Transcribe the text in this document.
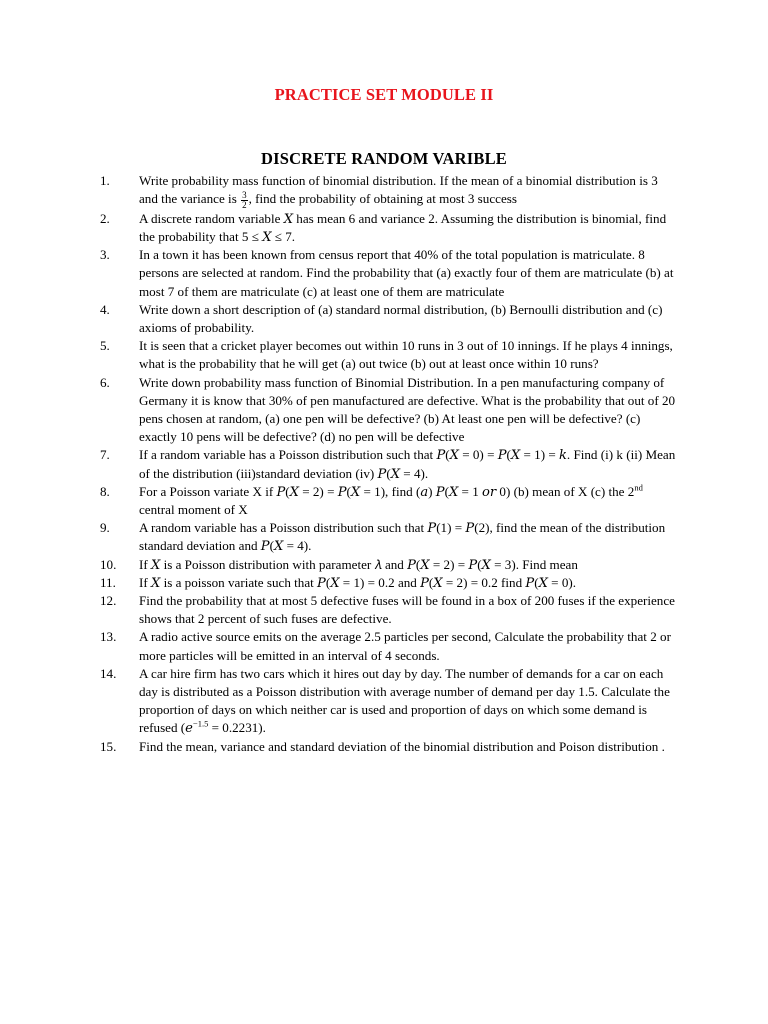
PRACTICE SET MODULE II
DISCRETE RANDOM VARIBLE
1.	Write probability mass function of binomial distribution. If the mean of a binomial distribution is 3 and the variance is $\frac{3}{2}$ , find the probability of obtaining at most 3 success
2.	A discrete random variable 𝑋 has mean 6 and variance 2. Assuming the distribution is binomial, find the probability that 5 ≤ 𝑋 ≤ 7.
3.	In a town it has been known from census report that 40% of the total population is matriculate. 8 persons are selected at random. Find the probability that (a) exactly four of them are matriculate (b) at most 7 of them are matriculate (c) at least one of them are matriculate
4.	Write down a short description of (a) standard normal distribution, (b) Bernoulli distribution and (c) axioms of probability.
5.	It is seen that a cricket player becomes out within 10 runs in 3 out of 10 innings. If he plays 4 innings, what is the probability that he will get (a) out twice (b) out at least once within 10 runs?
6.	Write down probability mass function of Binomial Distribution. In a pen manufacturing company of Germany it is know that 30% of pen manufactured are defective. What is the probability that out of 20 pens chosen at random, (a) one pen will be defective? (b) At least one pen will be defective? (c) exactly 10 pens will be defective? (d) no pen will be defective
7.	If a random variable has a Poisson distribution such that 𝑃(𝑋 = 0) = 𝑃(𝑋 = 1) = 𝑘. Find (i) k (ii) Mean of the distribution (iii)standard deviation (iv) 𝑃(𝑋 = 4).
8.	For a Poisson variate X if 𝑃(𝑋 = 2) = 𝑃(𝑋 = 1), find (𝑎) 𝑃(𝑋 = 1 𝑜𝑟 0) (b) mean of X (c) the 2nd central moment of X
9.	A random variable has a Poisson distribution such that 𝑃(1) = 𝑃(2), find the mean of the distribution standard deviation and 𝑃(𝑋 = 4).
10.	If 𝑋 is a Poisson distribution with parameter 𝜆 and 𝑃(𝑋 = 2) = 𝑃(𝑋 = 3). Find mean
11.	If 𝑋 is a poisson variate such that 𝑃(𝑋 = 1) = 0.2 and 𝑃(𝑋 = 2) = 0.2 find 𝑃(𝑋 = 0).
12.	Find the probability that at most 5 defective fuses will be found in a box of 200 fuses if the experience shows that 2 percent of such fuses are defective.
13.	A radio active source emits on the average 2.5 particles per second, Calculate the probability that 2 or more particles will be emitted in an interval of 4 seconds.
14.	A car hire firm has two cars which it hires out day by day. The number of demands for a car on each day is distributed as a Poisson distribution with average number of demand per day 1.5. Calculate the proportion of days on which neither car is used and proportion of days on which some demand is refused (𝑒$^{-1.5}$ = 0.2231).
15.	Find the mean, variance and standard deviation of the binomial distribution and Poison distribution .
